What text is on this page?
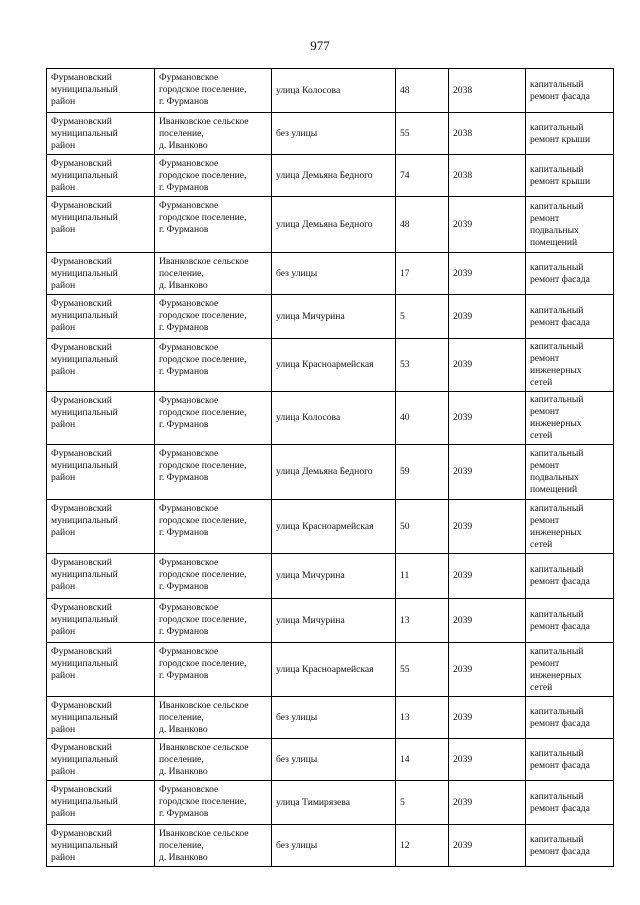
977
Фурмановский
муниципальный
район	Фурмановское
городское поселение,
г. Фурманов	улица Колосова	48	2038	капитальный
ремонт фасада
Фурмановский
муниципальный
район	Иванковское сельское
поселение,
д. Иванково	без улицы	55	2038	капитальный
ремонт крыши
Фурмановский
муниципальный
район	Фурмановское
городское поселение,
г. Фурманов	улица Демьяна Бедного	74	2038	капитальный
ремонт крыши
Фурмановский
муниципальный
район	Фурмановское
городское поселение,
г. Фурманов	улица Демьяна Бедного	48	2039	капитальный
ремонт
подвальных
помещений
Фурмановский
муниципальный
район	Иванковское сельское
поселение,
д. Иванково	без улицы	17	2039	капитальный
ремонт фасада
Фурмановский
муниципальный
район	Фурмановское
городское поселение,
г. Фурманов	улица Мичурина	5	2039	капитальный
ремонт фасада
Фурмановский
муниципальный
район	Фурмановское
городское поселение,
г. Фурманов	улица Красноармейская	53	2039	капитальный
ремонт
инженерных
сетей
Фурмановский
муниципальный
район	Фурмановское
городское поселение,
г. Фурманов	улица Колосова	40	2039	капитальный
ремонт
инженерных
сетей
Фурмановский
муниципальный
район	Фурмановское
городское поселение,
г. Фурманов	улица Демьяна Бедного	59	2039	капитальный
ремонт
подвальных
помещений
Фурмановский
муниципальный
район	Фурмановское
городское поселение,
г. Фурманов	улица Красноармейская	50	2039	капитальный
ремонт
инженерных
сетей
Фурмановский
муниципальный
район	Фурмановское
городское поселение,
г. Фурманов	улица Мичурина	11	2039	капитальный
ремонт фасада
Фурмановский
муниципальный
район	Фурмановское
городское поселение,
г. Фурманов	улица Мичурина	13	2039	капитальный
ремонт фасада
Фурмановский
муниципальный
район	Фурмановское
городское поселение,
г. Фурманов	улица Красноармейская	55	2039	капитальный
ремонт
инженерных
сетей
Фурмановский
муниципальный
район	Иванковское сельское
поселение,
д. Иванково	без улицы	13	2039	капитальный
ремонт фасада
Фурмановский
муниципальный
район	Иванковское сельское
поселение,
д. Иванково	без улицы	14	2039	капитальный
ремонт фасада
Фурмановский
муниципальный
район	Фурмановское
городское поселение,
г. Фурманов	улица Тимирязева	5	2039	капитальный
ремонт фасада
Фурмановский
муниципальный
район	Иванковское сельское
поселение,
д. Иванково	без улицы	12	2039	капитальный
ремонт фасада
